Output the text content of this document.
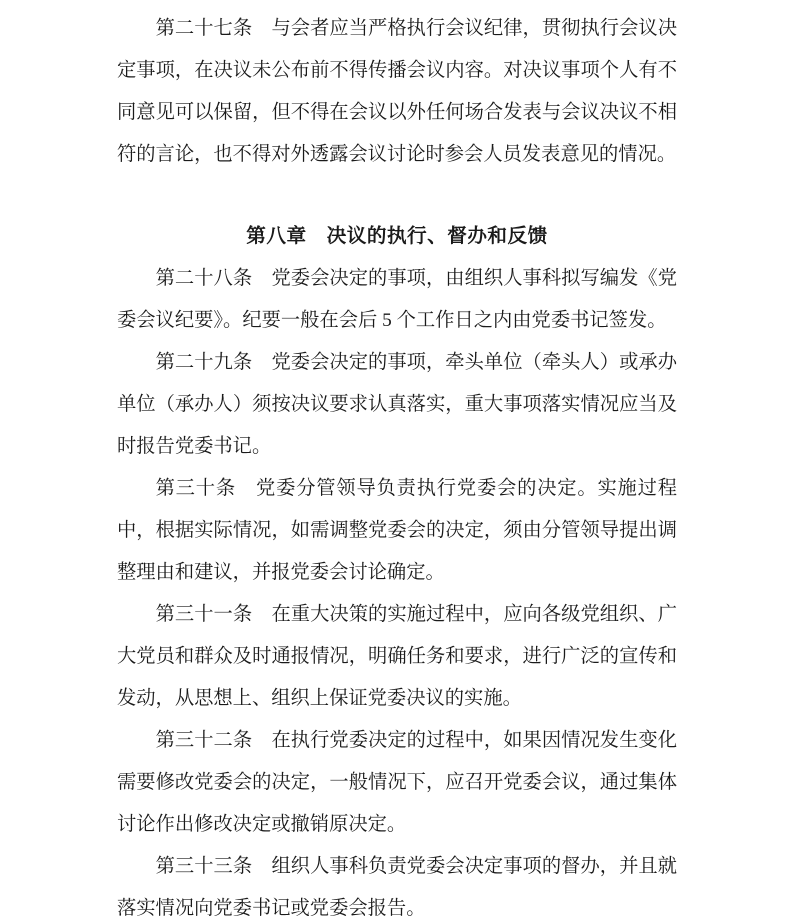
第二十七条　与会者应当严格执行会议纪律，贯彻执行会议决定事项，在决议未公布前不得传播会议内容。对决议事项个人有不同意见可以保留，但不得在会议以外任何场合发表与会议决议不相符的言论，也不得对外透露会议讨论时参会人员发表意见的情况。

第八章　决议的执行、督办和反馈

第二十八条　党委会决定的事项，由组织人事科拟写编发《党委会议纪要》。纪要一般在会后 5 个工作日之内由党委书记签发。

第二十九条　党委会决定的事项，牵头单位（牵头人）或承办单位（承办人）须按决议要求认真落实，重大事项落实情况应当及时报告党委书记。

第三十条　党委分管领导负责执行党委会的决定。实施过程中，根据实际情况，如需调整党委会的决定，须由分管领导提出调整理由和建议，并报党委会讨论确定。

第三十一条　在重大决策的实施过程中，应向各级党组织、广大党员和群众及时通报情况，明确任务和要求，进行广泛的宣传和发动，从思想上、组织上保证党委决议的实施。

第三十二条　在执行党委决定的过程中，如果因情况发生变化需要修改党委会的决定，一般情况下，应召开党委会议，通过集体讨论作出修改决定或撤销原决定。

第三十三条　组织人事科负责党委会决定事项的督办，并且就落实情况向党委书记或党委会报告。
